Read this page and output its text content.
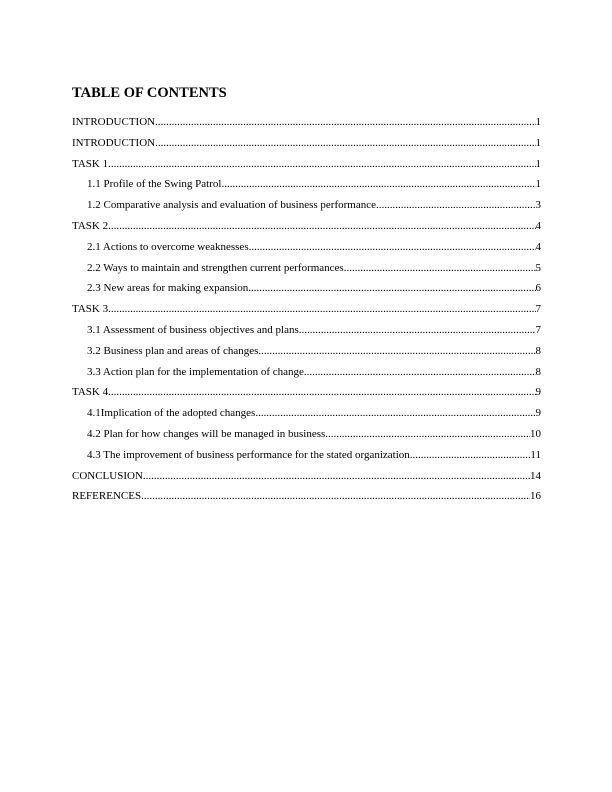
TABLE OF CONTENTS
INTRODUCTION .....	1
INTRODUCTION .....	1
TASK 1 .....	1
1.1 Profile of the Swing Patrol .....	1
1.2 Comparative analysis and evaluation of business performance .....	3
TASK 2 .....	4
2.1 Actions to overcome weaknesses .....	4
2.2 Ways to maintain and strengthen current performances .....	5
2.3 New areas for making expansion .....	6
TASK 3 .....	7
3.1 Assessment of business objectives and plans .....	7
3.2 Business plan and areas of changes .....	8
3.3 Action plan for the implementation of change .....	8
TASK 4 .....	9
4.1Implication of the adopted changes .....	9
4.2 Plan for how changes will be managed in business .....	10
4.3 The improvement of business performance for the stated organization .....	11
CONCLUSION .....	14
REFERENCES .....	16
